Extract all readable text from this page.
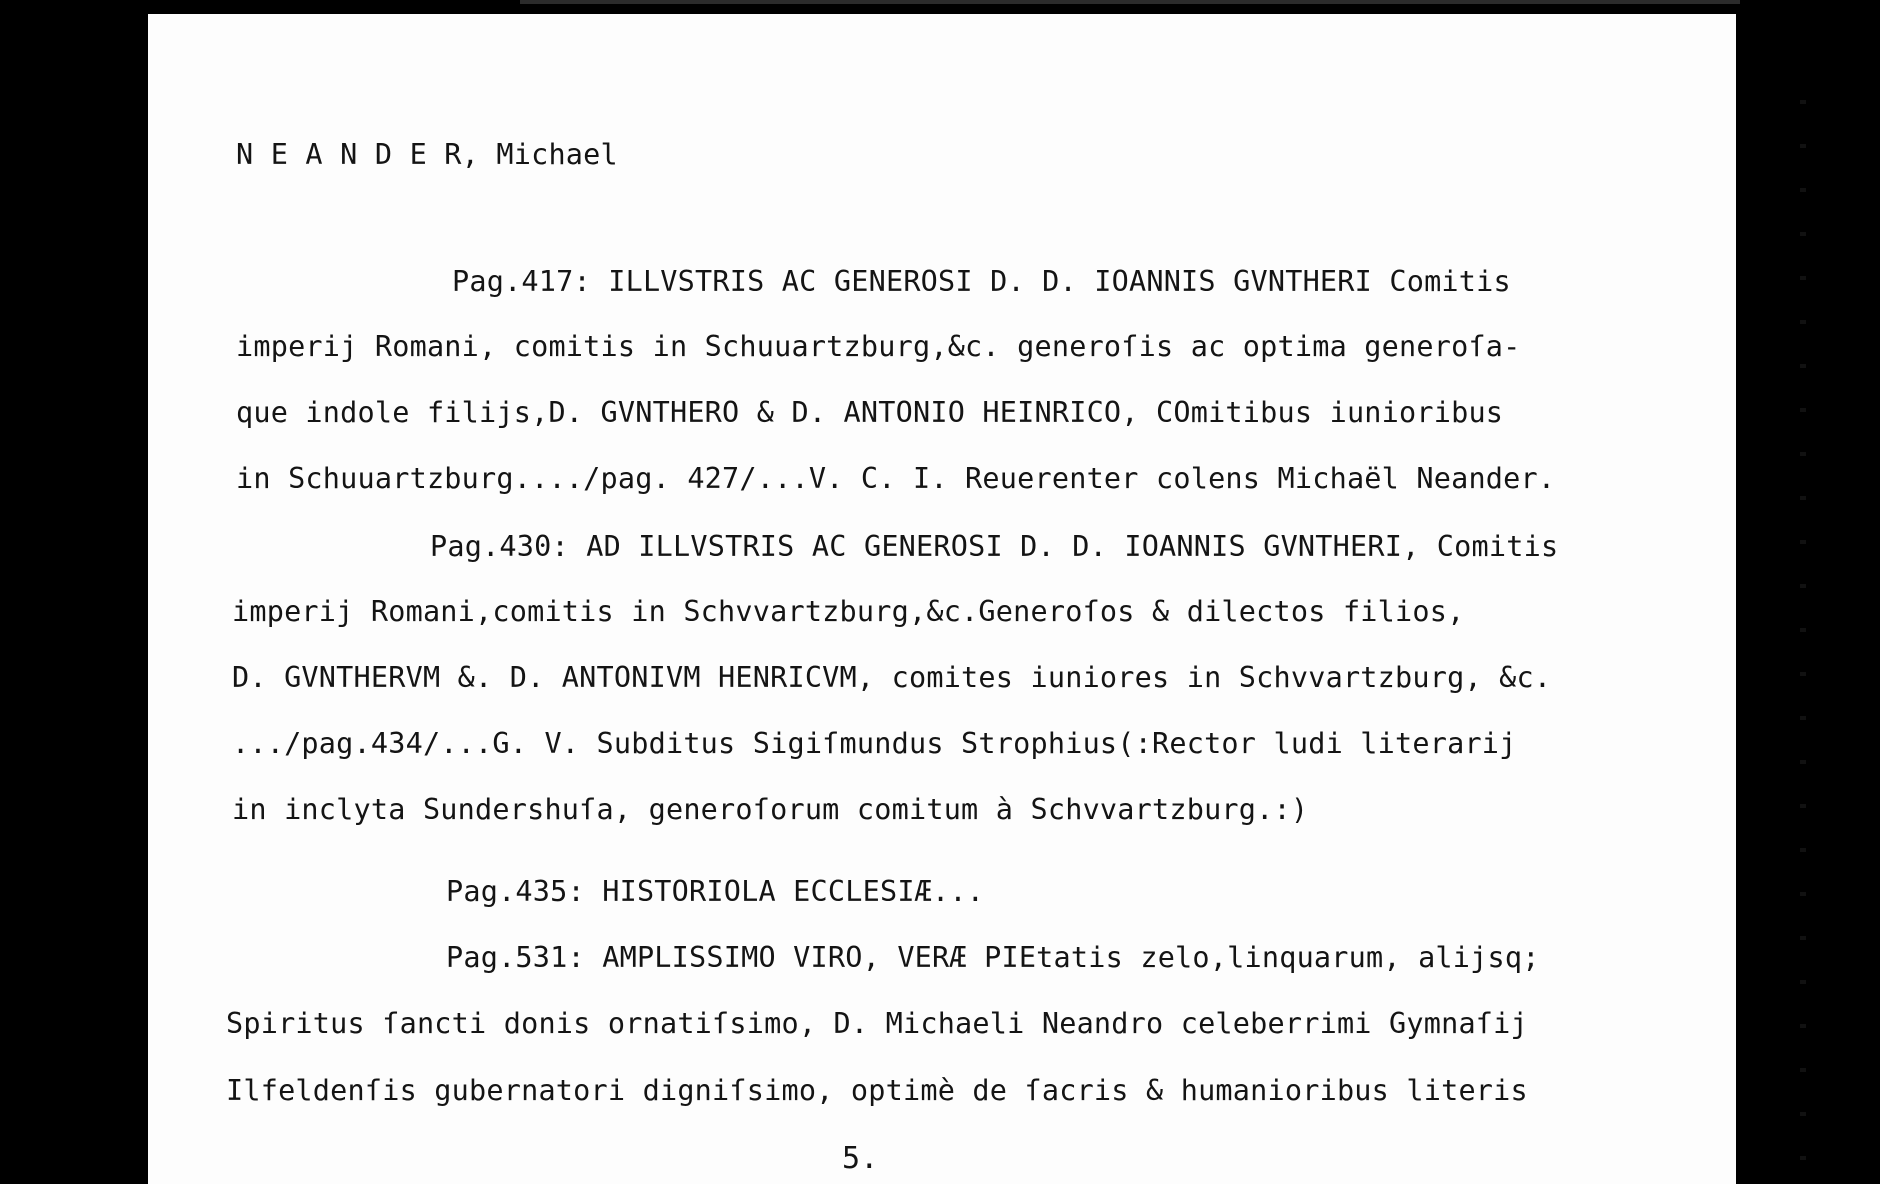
N E A N D E R, Michael
Pag.417: ILLVSTRIS AC GENEROSI D. D. IOANNIS GVNTHERI Comitis
imperij Romani, comitis in Schuuartzburg,&c. generoſis ac optima generoſa-
que indole filijs,D. GVNTHERO & D. ANTONIO HEINRICO, COmitibus iunioribus
in Schuuartzburg..../pag. 427/...V. C. I. Reuerenter colens Michaël Neander.
Pag.430: AD ILLVSTRIS AC GENEROSI D. D. IOANNIS GVNTHERI, Comitis
imperij Romani,comitis in Schvvartzburg,&c.Generoſos & dilectos filios,
D. GVNTHERVM &. D. ANTONIVM HENRICVM, comites iuniores in Schvvartzburg, &c.
.../pag.434/...G. V. Subditus Sigiſmundus Strophius(:Rector ludi literarij
in inclyta Sundershuſa, generoſorum comitum à Schvvartzburg.:)
Pag.435: HISTORIOLA ECCLESIÆ...
Pag.531: AMPLISSIMO VIRO, VERÆ PIEtatis zelo,linquarum, alijsq;
Spiritus ſancti donis ornatiſsimo, D. Michaeli Neandro celeberrimi Gymnaſij
Ilfeldenſis gubernatori digniſsimo, optimè de ſacris & humanioribus literis
5.
